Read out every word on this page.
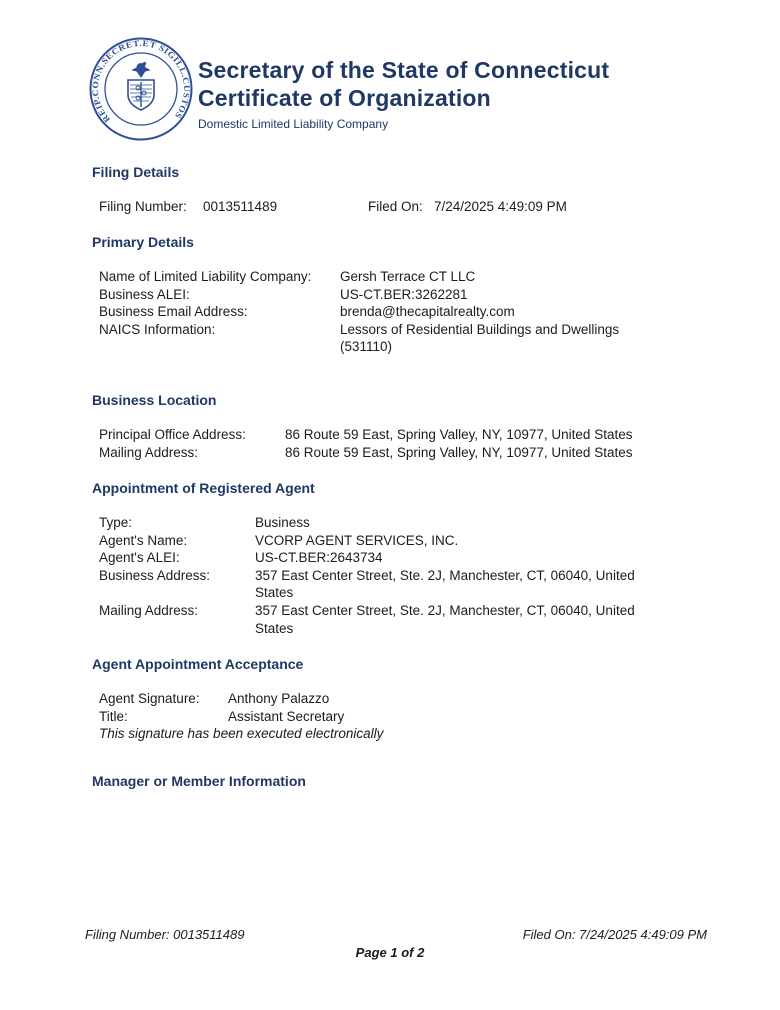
REIP.CONN.SECRET.ET SIGILL.CUSTOS
Secretary of the State of Connecticut
Certificate of Organization
Domestic Limited Liability Company
Filing Details
Filing Number:	0013511489	Filed On: 7/24/2025 4:49:09 PM
Primary Details
Name of Limited Liability Company:	Gersh Terrace CT LLC
Business ALEI:	US-CT.BER:3262281
Business Email Address:	brenda@thecapitalrealty.com
NAICS Information:	Lessors of Residential Buildings and Dwellings (531110)
Business Location
Principal Office Address:	86 Route 59 East, Spring Valley, NY, 10977, United States
Mailing Address:	86 Route 59 East, Spring Valley, NY, 10977, United States
Appointment of Registered Agent
Type:	Business
Agent's Name:	VCORP AGENT SERVICES, INC.
Agent's ALEI:	US-CT.BER:2643734
Business Address:	357 East Center Street, Ste. 2J, Manchester, CT, 06040, United States
Mailing Address:	357 East Center Street, Ste. 2J, Manchester, CT, 06040, United States
Agent Appointment Acceptance
Agent Signature:	Anthony Palazzo
Title:	Assistant Secretary
This signature has been executed electronically
Manager or Member Information
Filing Number: 0013511489	Filed On: 7/24/2025 4:49:09 PM
Page 1 of 2
